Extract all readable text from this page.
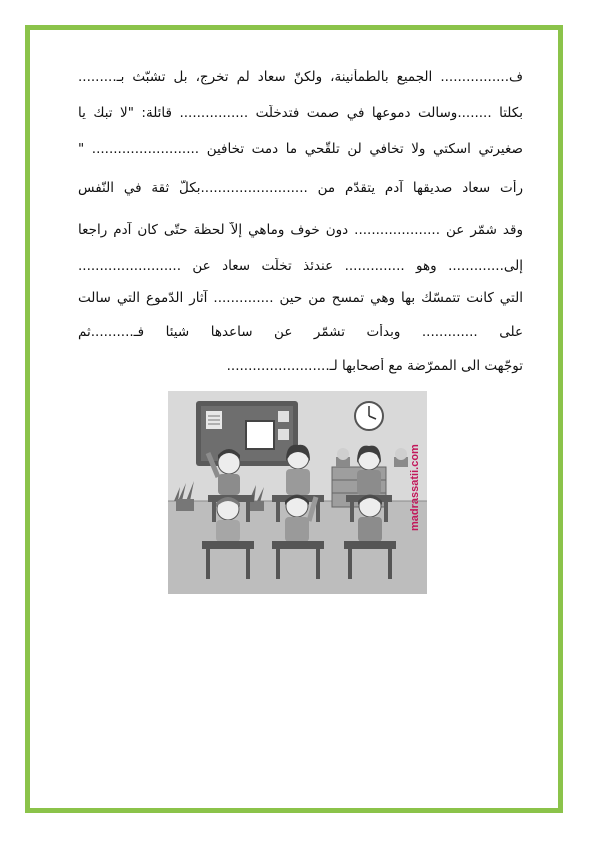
ف................ الجميع بالطمأنينة، ولكنّ سعاد لم تخرج، بل تشبّث بـ.........
بكلتا ........وسالت دموعها في صمت فتدخلّت ................ قائلة: "لا تبك يا
صغيرتي اسكتي ولا تخافي لن تلقّحي ما دمت تخافين ......................... "
رأت سعاد صديقها آدم يتقدّم من .........................بكلّ ثقة في النّفس
وقد شمّر عن .................... دون خوف وماهي إلاّ لحظة حتّى كان آدم راجعا
إلى............. وهو .............. عندئذ تخلّت سعاد عن ........................
التي كانت تتمسّك بها وهي تمسح من حين .............. آثار الدّموع التي سالت
على ............. وبدأت تشمّر عن ساعدها شيئا فـ..........ثم
توجّهت الى الممرّضة مع أصحابها لـ........................
madrassatii.com
